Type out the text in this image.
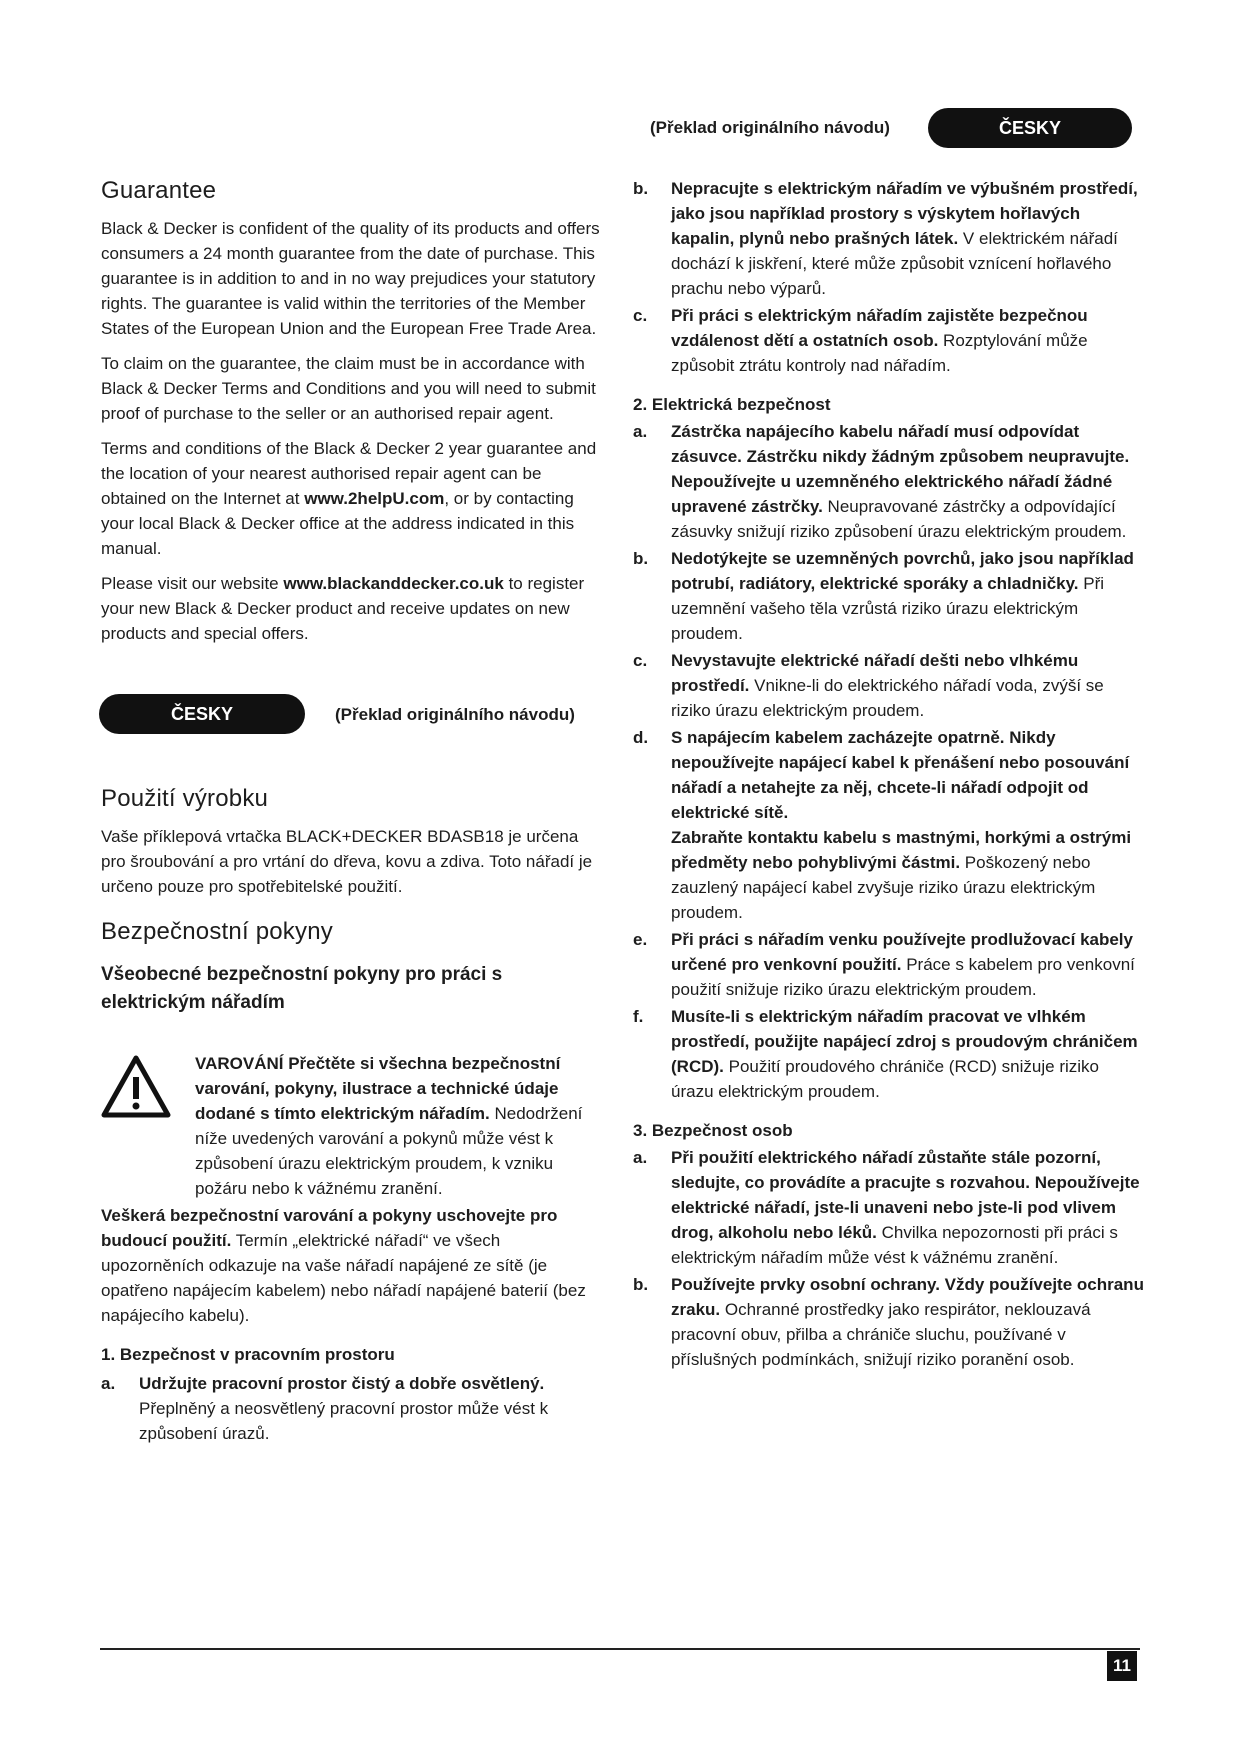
(Překlad originálního návodu)	ČESKY
Guarantee

Black & Decker is confident of the quality of its products and offers consumers a 24 month guarantee from the date of purchase. This guarantee is in addition to and in no way prejudices your statutory rights. The guarantee is valid within the territories of the Member States of the European Union and the European Free Trade Area.

To claim on the guarantee, the claim must be in accordance with Black & Decker Terms and Conditions and you will need to submit proof of purchase to the seller or an authorised repair agent.

Terms and conditions of the Black & Decker 2 year guarantee and the location of your nearest authorised repair agent can be obtained on the Internet at www.2helpU.com, or by contacting your local Black & Decker office at the address indicated in this manual.

Please visit our website www.blackanddecker.co.uk to register your new Black & Decker product and receive updates on new products and special offers.

ČESKY	(Překlad originálního návodu)
Použití výrobku

Vaše příklepová vrtačka BLACK+DECKER BDASB18 je určena pro šroubování a pro vrtání do dřeva, kovu a zdiva. Toto nářadí je určeno pouze pro spotřebitelské použití.

Bezpečnostní pokyny
Všeobecné bezpečnostní pokyny pro práci s elektrickým nářadím

VAROVÁNÍ Přečtěte si všechna bezpečnostní varování, pokyny, ilustrace a technické údaje dodané s tímto elektrickým nářadím. Nedodržení níže uvedených varování a pokynů může vést k způsobení úrazu elektrickým proudem, k vzniku požáru nebo k vážnému zranění.

Veškerá bezpečnostní varování a pokyny uschovejte pro budoucí použití. Termín „elektrické nářadí“ ve všech upozorněních odkazuje na vaše nářadí napájené ze sítě (je opatřeno napájecím kabelem) nebo nářadí napájené baterií (bez napájecího kabelu).

1. Bezpečnost v pracovním prostoru

a. Udržujte pracovní prostor čistý a dobře osvětlený. Přeplněný a neosvětlený pracovní prostor může vést k způsobení úrazů.
b. Nepracujte s elektrickým nářadím ve výbušném prostředí, jako jsou například prostory s výskytem hořlavých kapalin, plynů nebo prašných látek. V elektrickém nářadí dochází k jiskření, které může způsobit vznícení hořlavého prachu nebo výparů.
c. Při práci s elektrickým nářadím zajistěte bezpečnou vzdálenost dětí a ostatních osob. Rozptylování může způsobit ztrátu kontroly nad nářadím.

2. Elektrická bezpečnost

a. Zástrčka napájecího kabelu nářadí musí odpovídat zásuvce. Zástrčku nikdy žádným způsobem neupravujte. Nepoužívejte u uzemněného elektrického nářadí žádné upravené zástrčky. Neupravované zástrčky a odpovídající zásuvky snižují riziko způsobení úrazu elektrickým proudem.
b. Nedotýkejte se uzemněných povrchů, jako jsou například potrubí, radiátory, elektrické sporáky a chladničky. Při uzemnění vašeho těla vzrůstá riziko úrazu elektrickým proudem.
c. Nevystavujte elektrické nářadí dešti nebo vlhkému prostředí. Vnikne-li do elektrického nářadí voda, zvýší se riziko úrazu elektrickým proudem.
d. S napájecím kabelem zacházejte opatrně. Nikdy nepoužívejte napájecí kabel k přenášení nebo posouvání nářadí a netahejte za něj, chcete-li nářadí odpojit od elektrické sítě.
Zabraňte kontaktu kabelu s mastnými, horkými a ostrými předměty nebo pohyblivými částmi. Poškozený nebo zauzlený napájecí kabel zvyšuje riziko úrazu elektrickým proudem.
e. Při práci s nářadím venku používejte prodlužovací kabely určené pro venkovní použití. Práce s kabelem pro venkovní použití snižuje riziko úrazu elektrickým proudem.
f. Musíte-li s elektrickým nářadím pracovat ve vlhkém prostředí, použijte napájecí zdroj s proudovým chráničem (RCD). Použití proudového chrániče (RCD) snižuje riziko úrazu elektrickým proudem.

3. Bezpečnost osob

a. Při použití elektrického nářadí zůstaňte stále pozorní, sledujte, co provádíte a pracujte s rozvahou. Nepoužívejte elektrické nářadí, jste-li unaveni nebo jste-li pod vlivem drog, alkoholu nebo léků. Chvilka nepozornosti při práci s elektrickým nářadím může vést k vážnému zranění.
b. Používejte prvky osobní ochrany. Vždy používejte ochranu zraku. Ochranné prostředky jako respirátor, neklouzavá pracovní obuv, přilba a chrániče sluchu, používané v příslušných podmínkách, snižují riziko poranění osob.
11
